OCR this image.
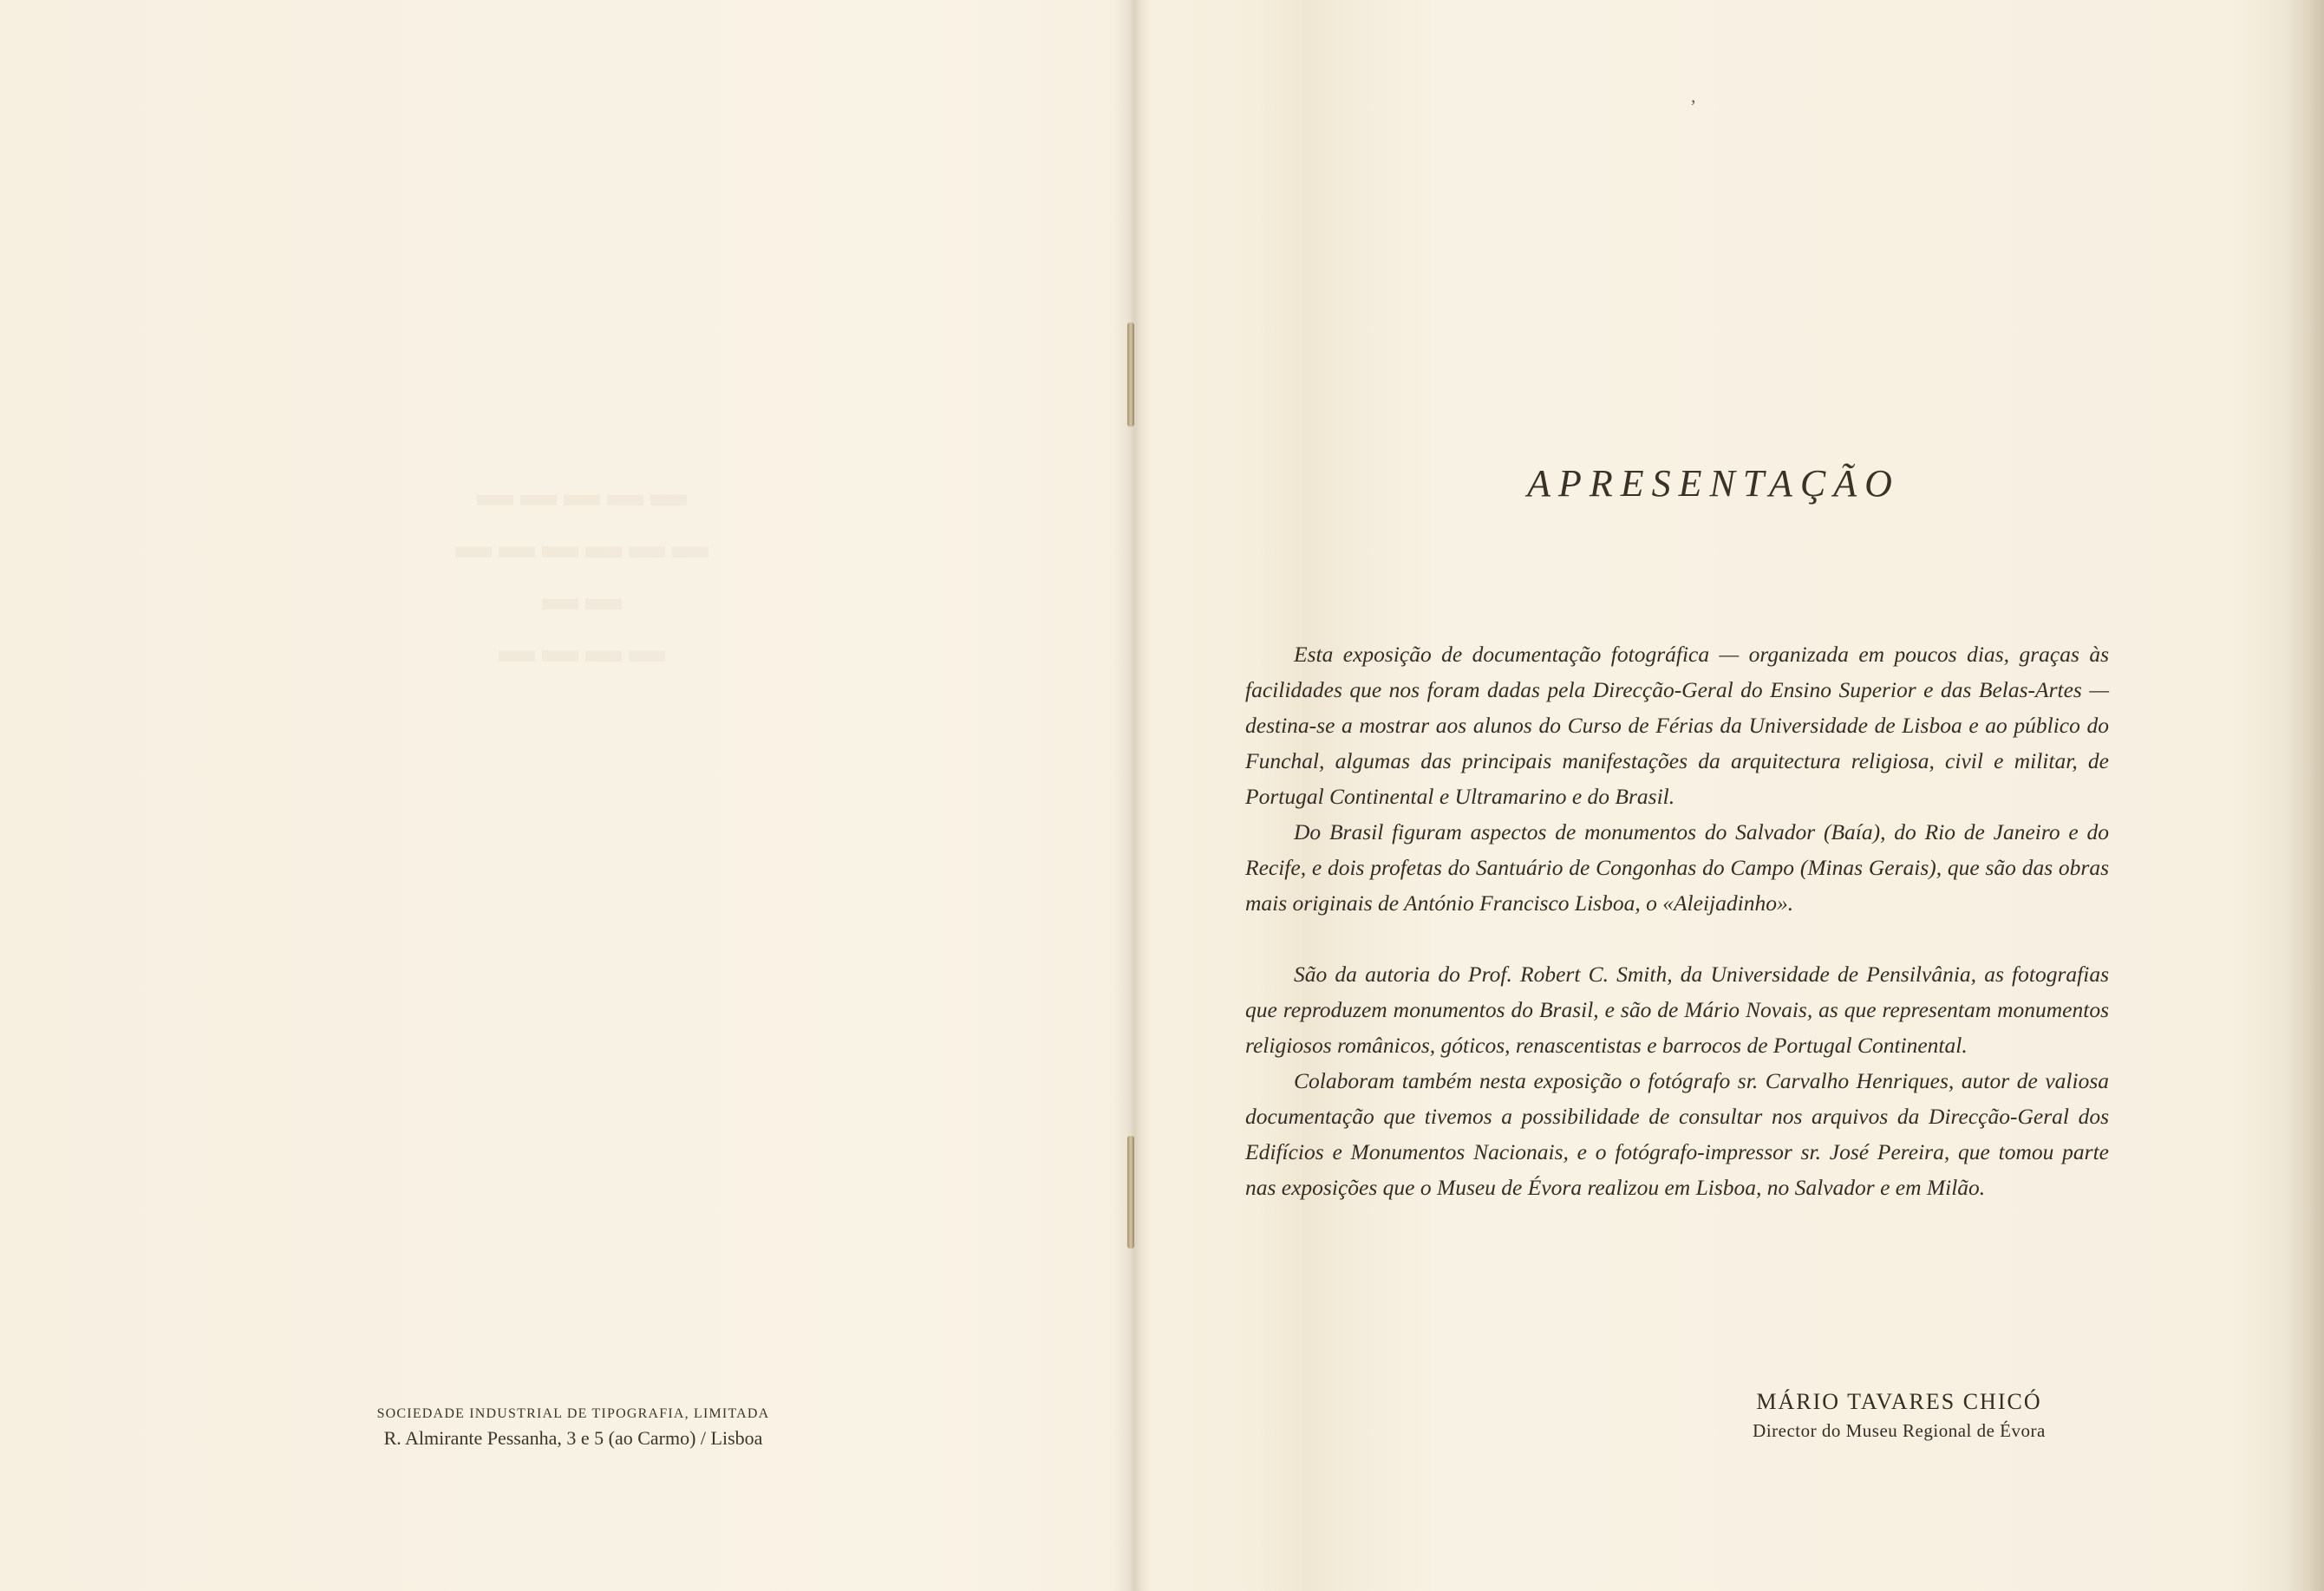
▬▬▬▬▬
▬▬▬▬▬▬
▬▬
▬▬▬▬
SOCIEDADE INDUSTRIAL DE TIPOGRAFIA, LIMITADA
R. Almirante Pessanha, 3 e 5 (ao Carmo) / Lisboa
,
APRESENTAÇÃO

Esta exposição de documentação fotográfica — organizada em poucos dias, graças às facilidades que nos foram dadas pela Direcção-Geral do Ensino Superior e das Belas-Artes — destina-se a mostrar aos alunos do Curso de Férias da Universidade de Lisboa e ao público do Funchal, algumas das principais manifestações da arquitectura religiosa, civil e militar, de Portugal Continental e Ultramarino e do Brasil.

Do Brasil figuram aspectos de monumentos do Salvador (Baía), do Rio de Janeiro e do Recife, e dois profetas do Santuário de Congonhas do Campo (Minas Gerais), que são das obras mais originais de António Francisco Lisboa, o «Aleijadinho».

São da autoria do Prof. Robert C. Smith, da Universidade de Pensilvânia, as fotografias que reproduzem monumentos do Brasil, e são de Mário Novais, as que representam monumentos religiosos românicos, góticos, renascentistas e barrocos de Portugal Continental.

Colaboram também nesta exposição o fotógrafo sr. Carvalho Henriques, autor de valiosa documentação que tivemos a possibilidade de consultar nos arquivos da Direcção-Geral dos Edifícios e Monumentos Nacionais, e o fotógrafo-impressor sr. José Pereira, que tomou parte nas exposições que o Museu de Évora realizou em Lisboa, no Salvador e em Milão.

MÁRIO TAVARES CHICÓ
Director do Museu Regional de Évora
